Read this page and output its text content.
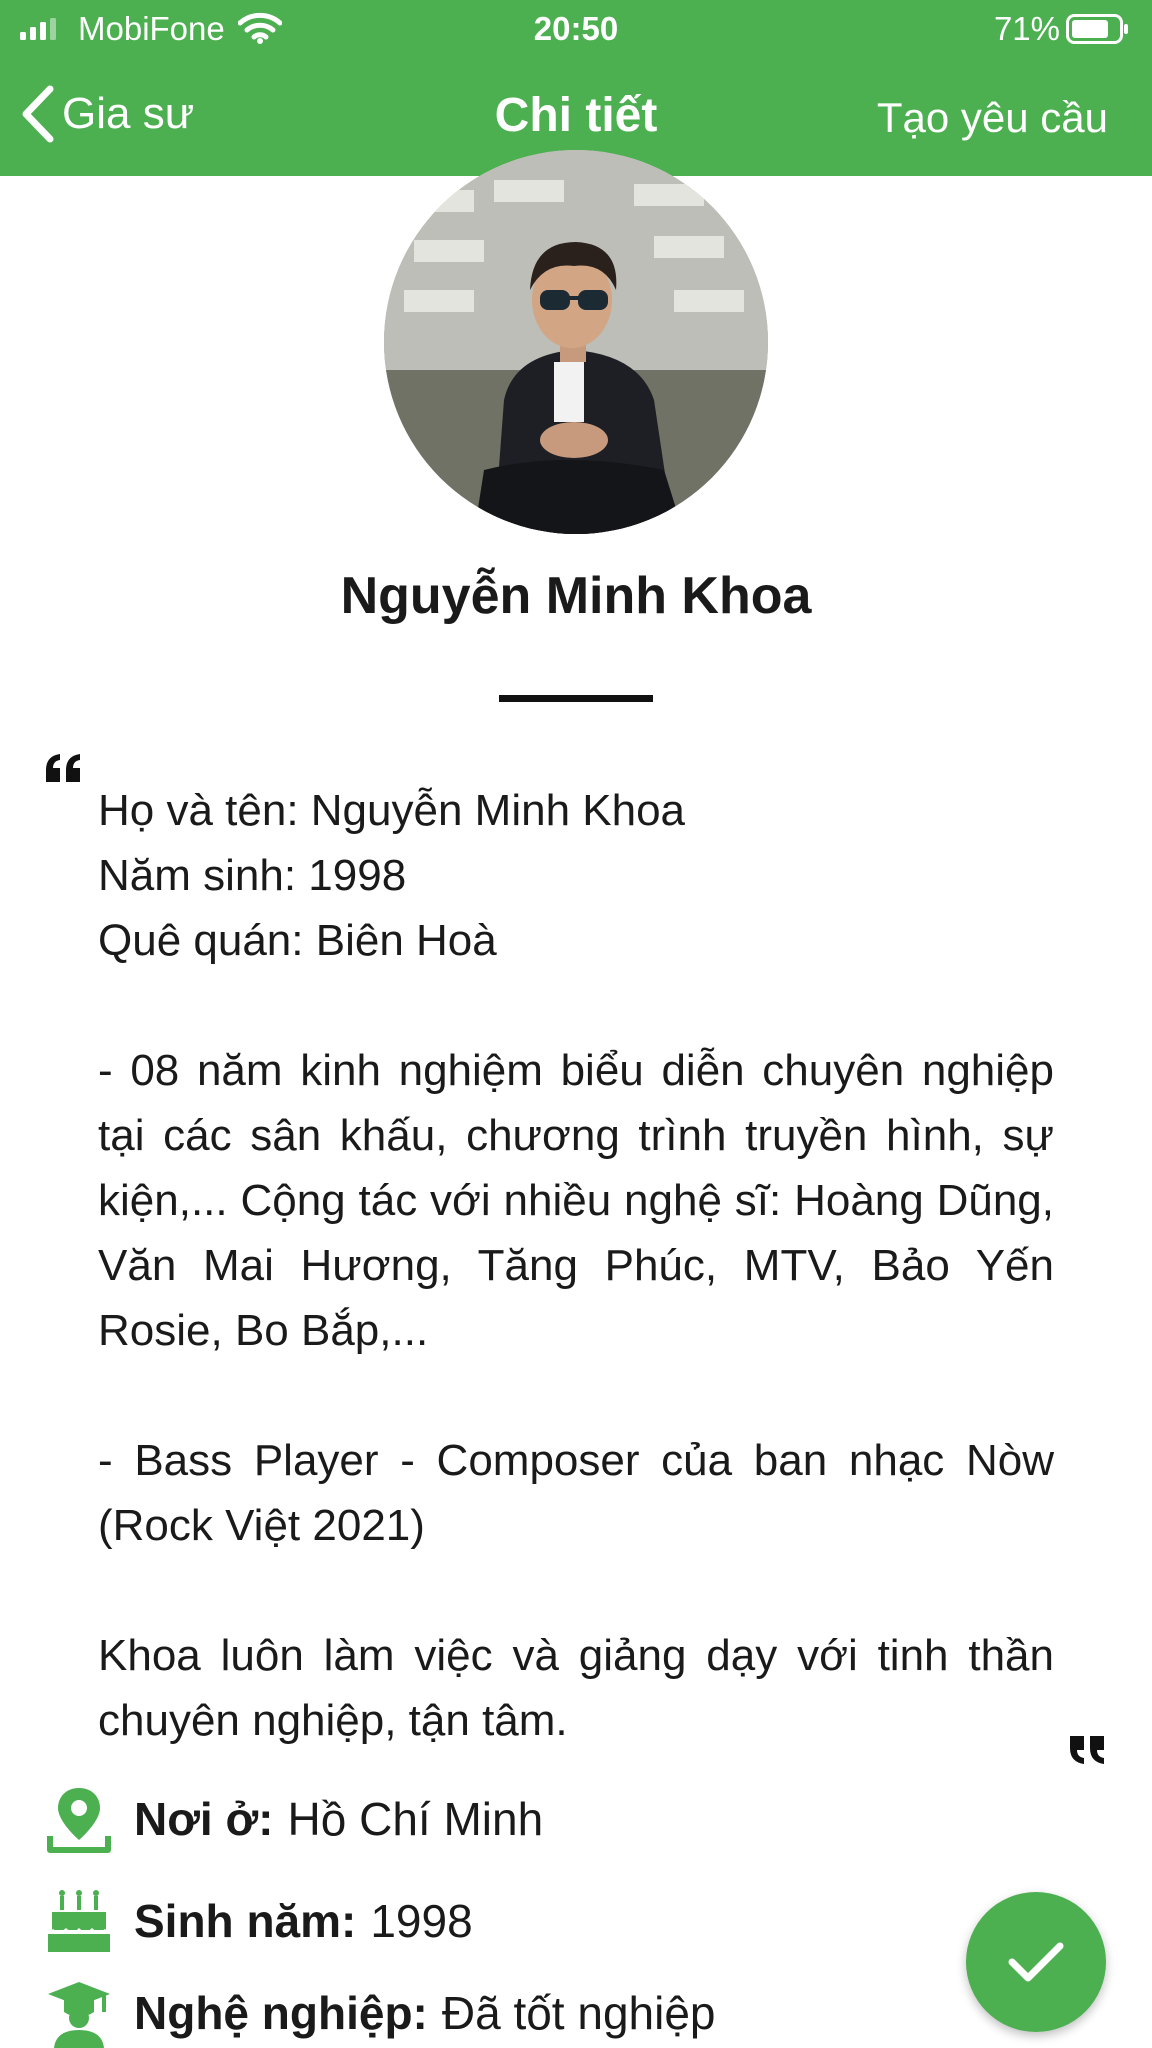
MobiFone	20:50	71%
Gia sư	Chi tiết	Tạo yêu cầu
Nguyễn Minh Khoa

Họ và tên: Nguyễn Minh Khoa

Năm sinh: 1998

Quê quán: Biên Hoà

- 08 năm kinh nghiệm biểu diễn chuyên nghiệp tại các sân khấu, chương trình truyền hình, sự kiện,... Cộng tác với nhiều nghệ sĩ: Hoàng Dũng, Văn Mai Hương, Tăng Phúc, MTV, Bảo Yến Rosie, Bo Bắp,...

- Bass Player - Composer của ban nhạc Nòw (Rock Việt 2021)

Khoa luôn làm việc và giảng dạy với tinh thần chuyên nghiệp, tận tâm.

Nơi ở: Hồ Chí Minh
Sinh năm: 1998
Nghệ nghiệp: Đã tốt nghiệp
